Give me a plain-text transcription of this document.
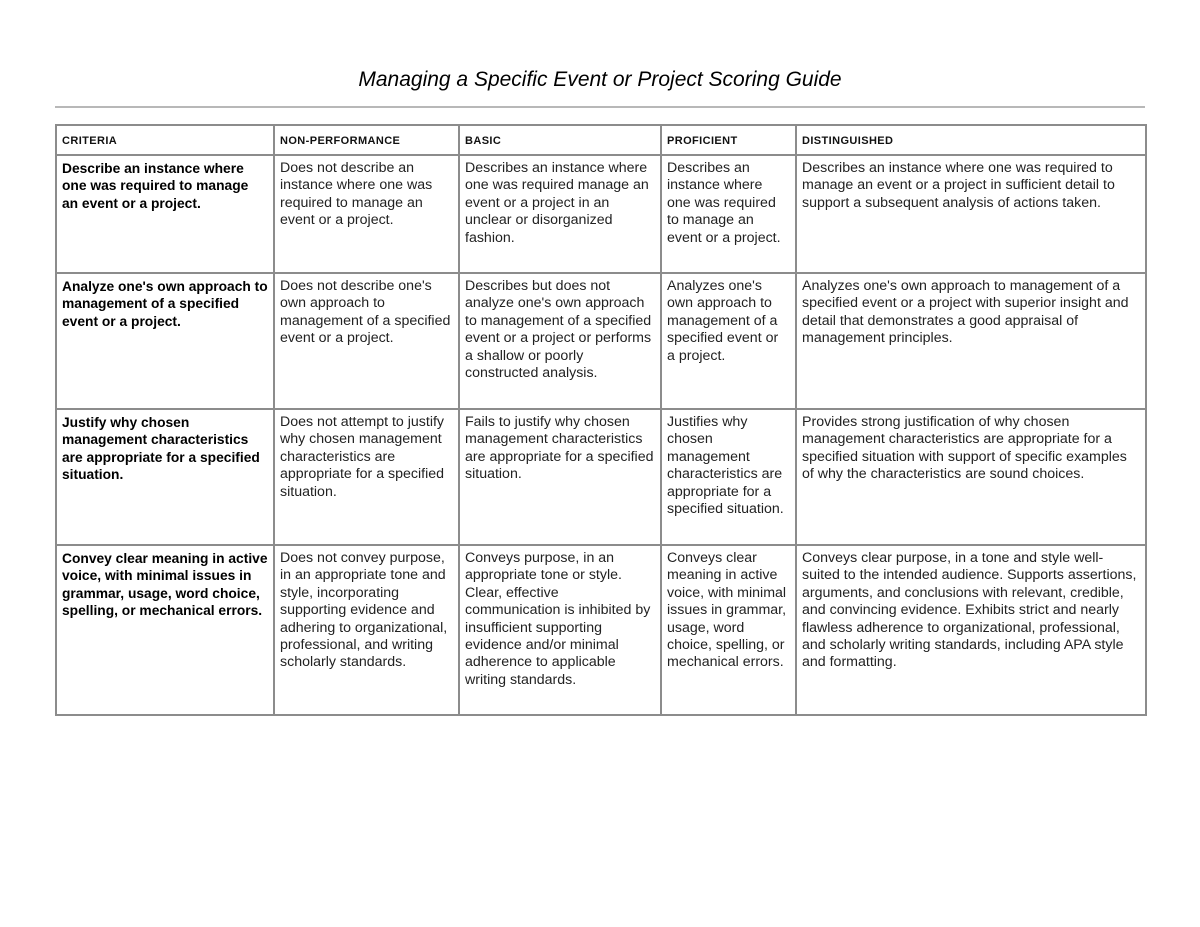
Managing a Specific Event or Project Scoring Guide
CRITERIA	NON-PERFORMANCE	BASIC	PROFICIENT	DISTINGUISHED
Describe an instance where one was required to manage an event or a project.	Does not describe an instance where one was required to manage an event or a project.	Describes an instance where one was required manage an event or a project in an unclear or disorganized fashion.	Describes an instance where one was required to manage an event or a project.	Describes an instance where one was required to manage an event or a project in sufficient detail to support a subsequent analysis of actions taken.
Analyze one's own approach to management of a specified event or a project.	Does not describe one's own approach to management of a specified event or a project.	Describes but does not analyze one's own approach to management of a specified event or a project or performs a shallow or poorly constructed analysis.	Analyzes one's own approach to management of a specified event or a project.	Analyzes one's own approach to management of a specified event or a project with superior insight and detail that demonstrates a good appraisal of management principles.
Justify why chosen management characteristics are appropriate for a specified situation.	Does not attempt to justify why chosen management characteristics are appropriate for a specified situation.	Fails to justify why chosen management characteristics are appropriate for a specified situation.	Justifies why chosen management characteristics are appropriate for a specified situation.	Provides strong justification of why chosen management characteristics are appropriate for a specified situation with support of specific examples of why the characteristics are sound choices.
Convey clear meaning in active voice, with minimal issues in grammar, usage, word choice, spelling, or mechanical errors.	Does not convey purpose, in an appropriate tone and style, incorporating supporting evidence and adhering to organizational, professional, and writing scholarly standards.	Conveys purpose, in an appropriate tone or style. Clear, effective communication is inhibited by insufficient supporting evidence and/or minimal adherence to applicable writing standards.	Conveys clear meaning in active voice, with minimal issues in grammar, usage, word choice, spelling, or mechanical errors.	Conveys clear purpose, in a tone and style well-suited to the intended audience. Supports assertions, arguments, and conclusions with relevant, credible, and convincing evidence. Exhibits strict and nearly flawless adherence to organizational, professional, and scholarly writing standards, including APA style and formatting.
